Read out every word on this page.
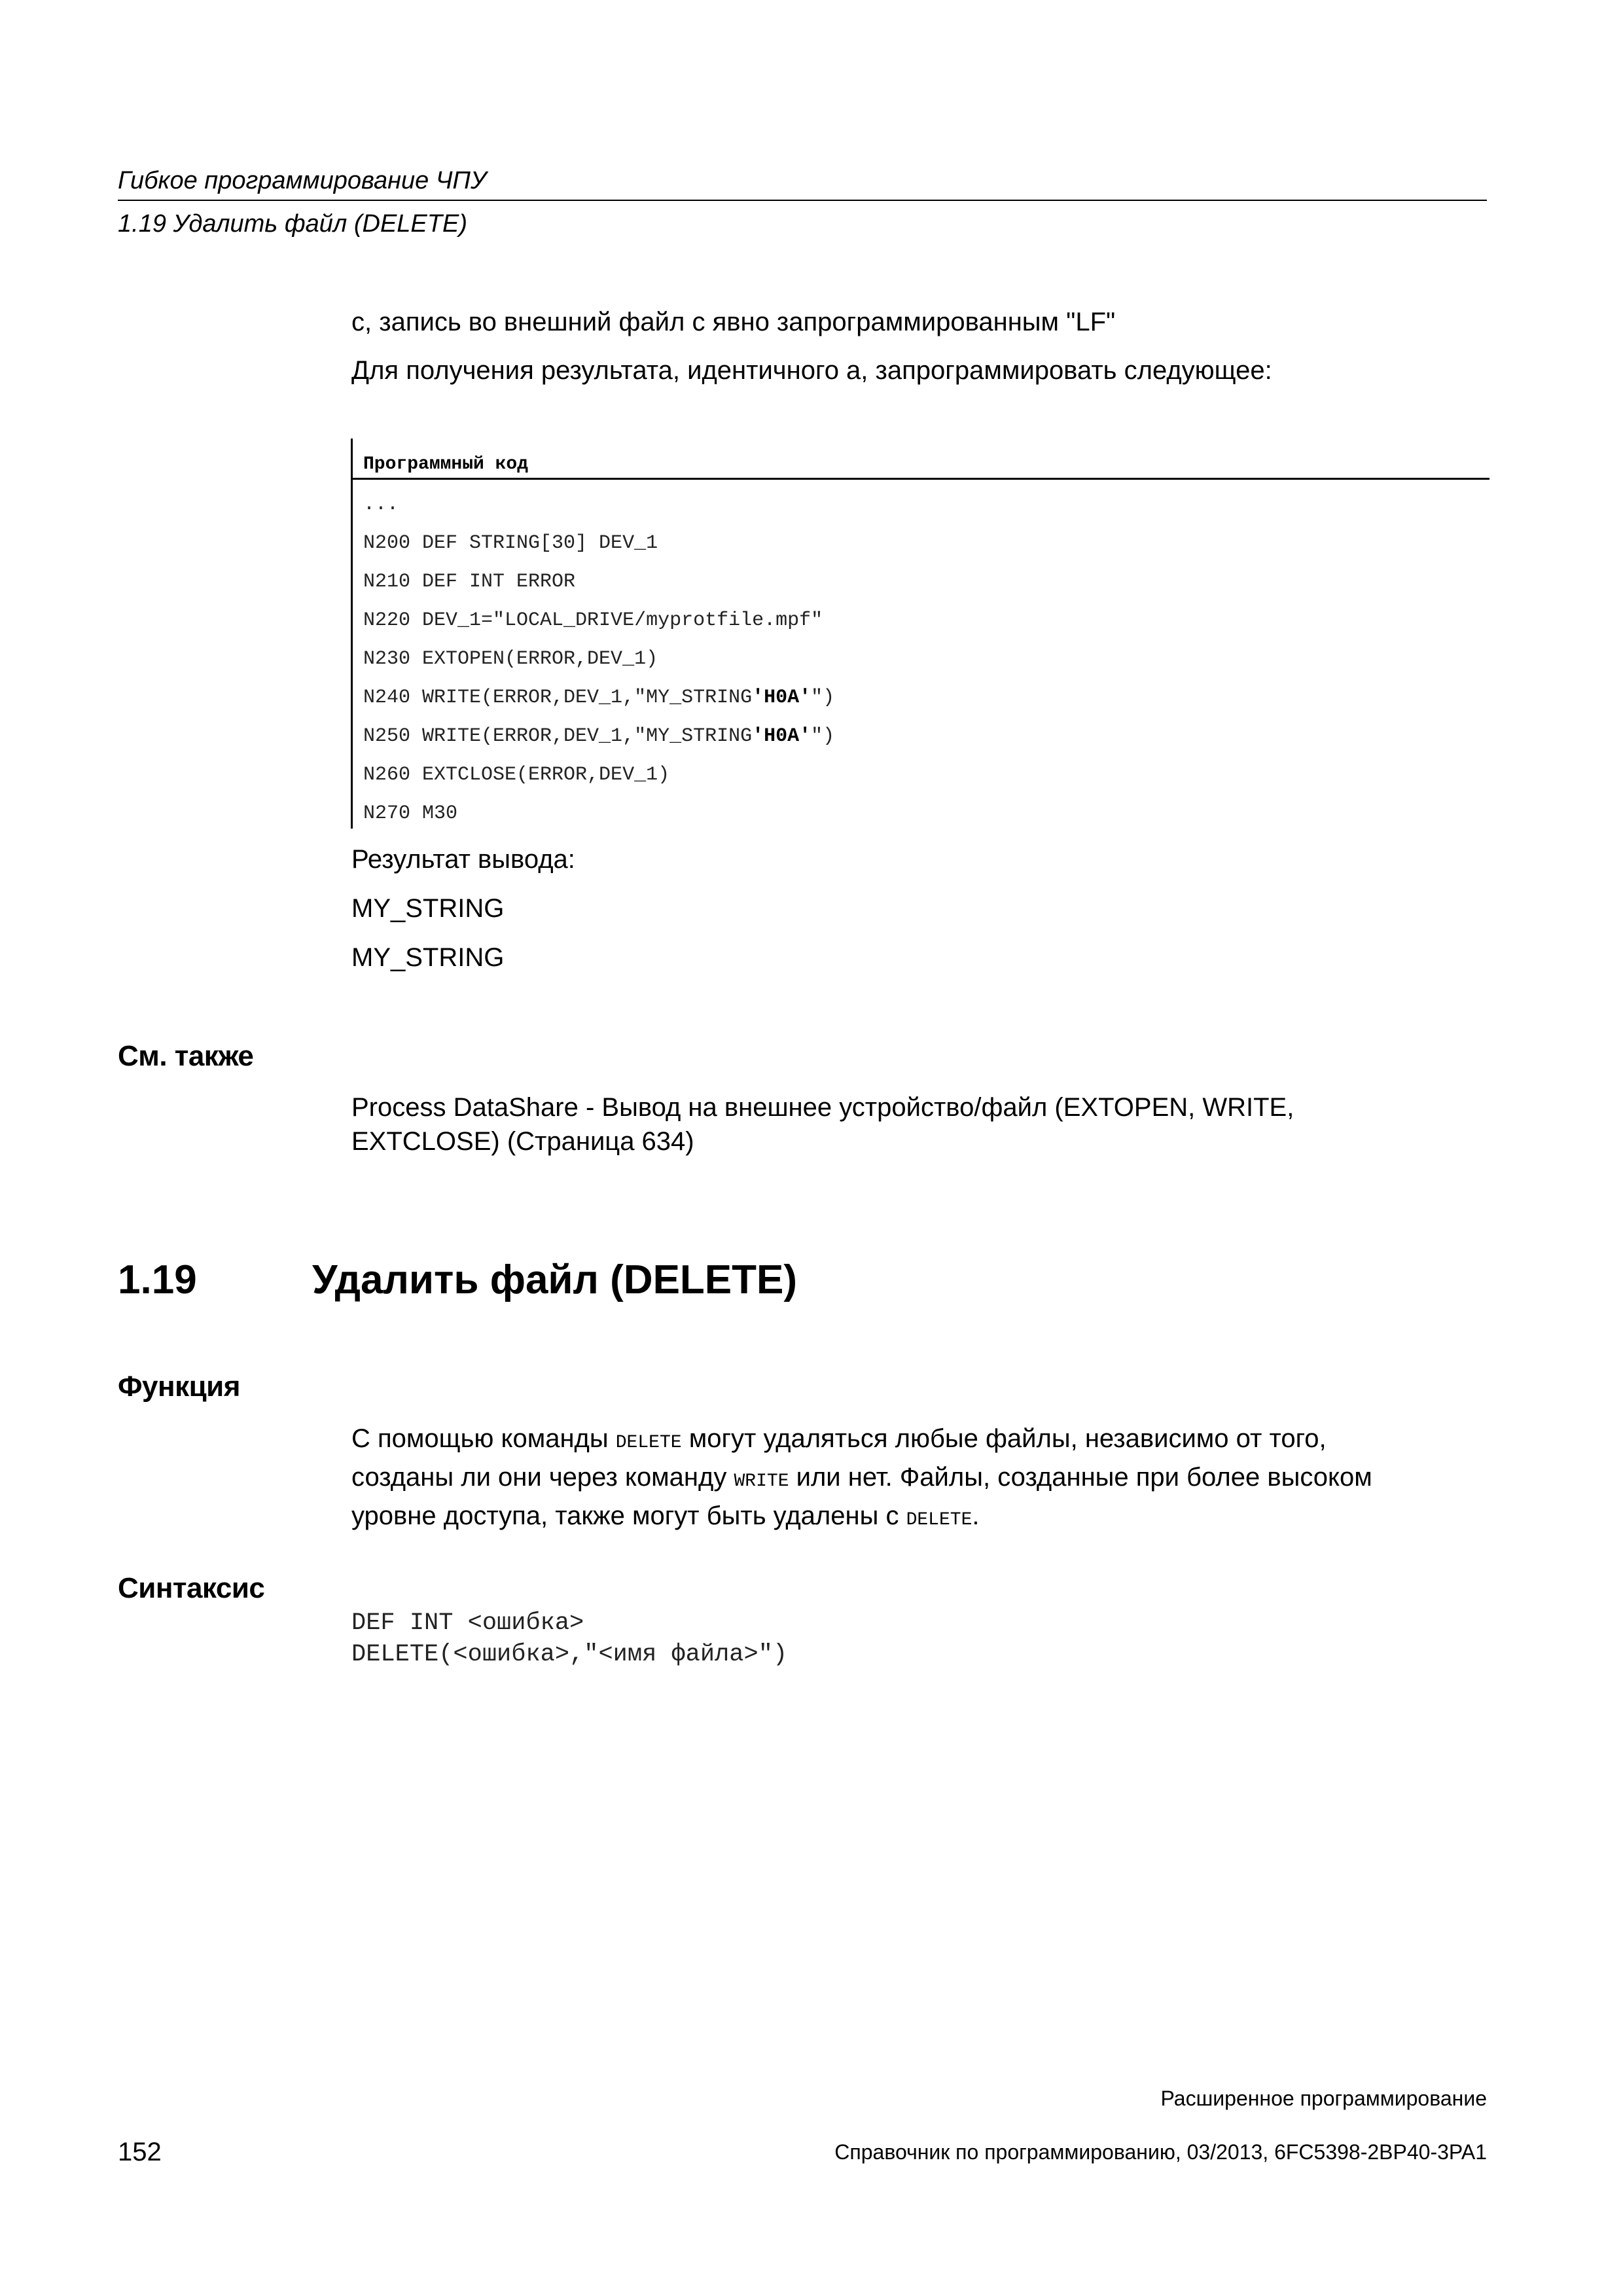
Гибкое программирование ЧПУ
1.19 Удалить файл (DELETE)
с, запись во внешний файл с явно запрограммированным "LF"
Для получения результата, идентичного а, запрограммировать следующее:
Программный код
...
N200 DEF STRING[30] DEV_1
N210 DEF INT ERROR
N220 DEV_1="LOCAL_DRIVE/myprotfile.mpf"
N230 EXTOPEN(ERROR,DEV_1)
N240 WRITE(ERROR,DEV_1,"MY_STRING'H0A'")
N250 WRITE(ERROR,DEV_1,"MY_STRING'H0A'")
N260 EXTCLOSE(ERROR,DEV_1)
N270 M30
Результат вывода:
MY_STRING
MY_STRING
См. также
Process DataShare - Вывод на внешнее устройство/файл (EXTOPEN, WRITE,
EXTCLOSE) (Страница 634)
1.19	Удалить файл (DELETE)
Функция
С помощью команды DELETE могут удаляться любые файлы, независимо от того,
созданы ли они через команду WRITE или нет. Файлы, созданные при более высоком
уровне доступа, также могут быть удалены с DELETE.
Синтаксис
DEF INT <ошибка>
DELETE(<ошибка>,"<имя файла>")
Расширенное программирование
Справочник по программированию, 03/2013, 6FC5398-2BP40-3PA1
152
